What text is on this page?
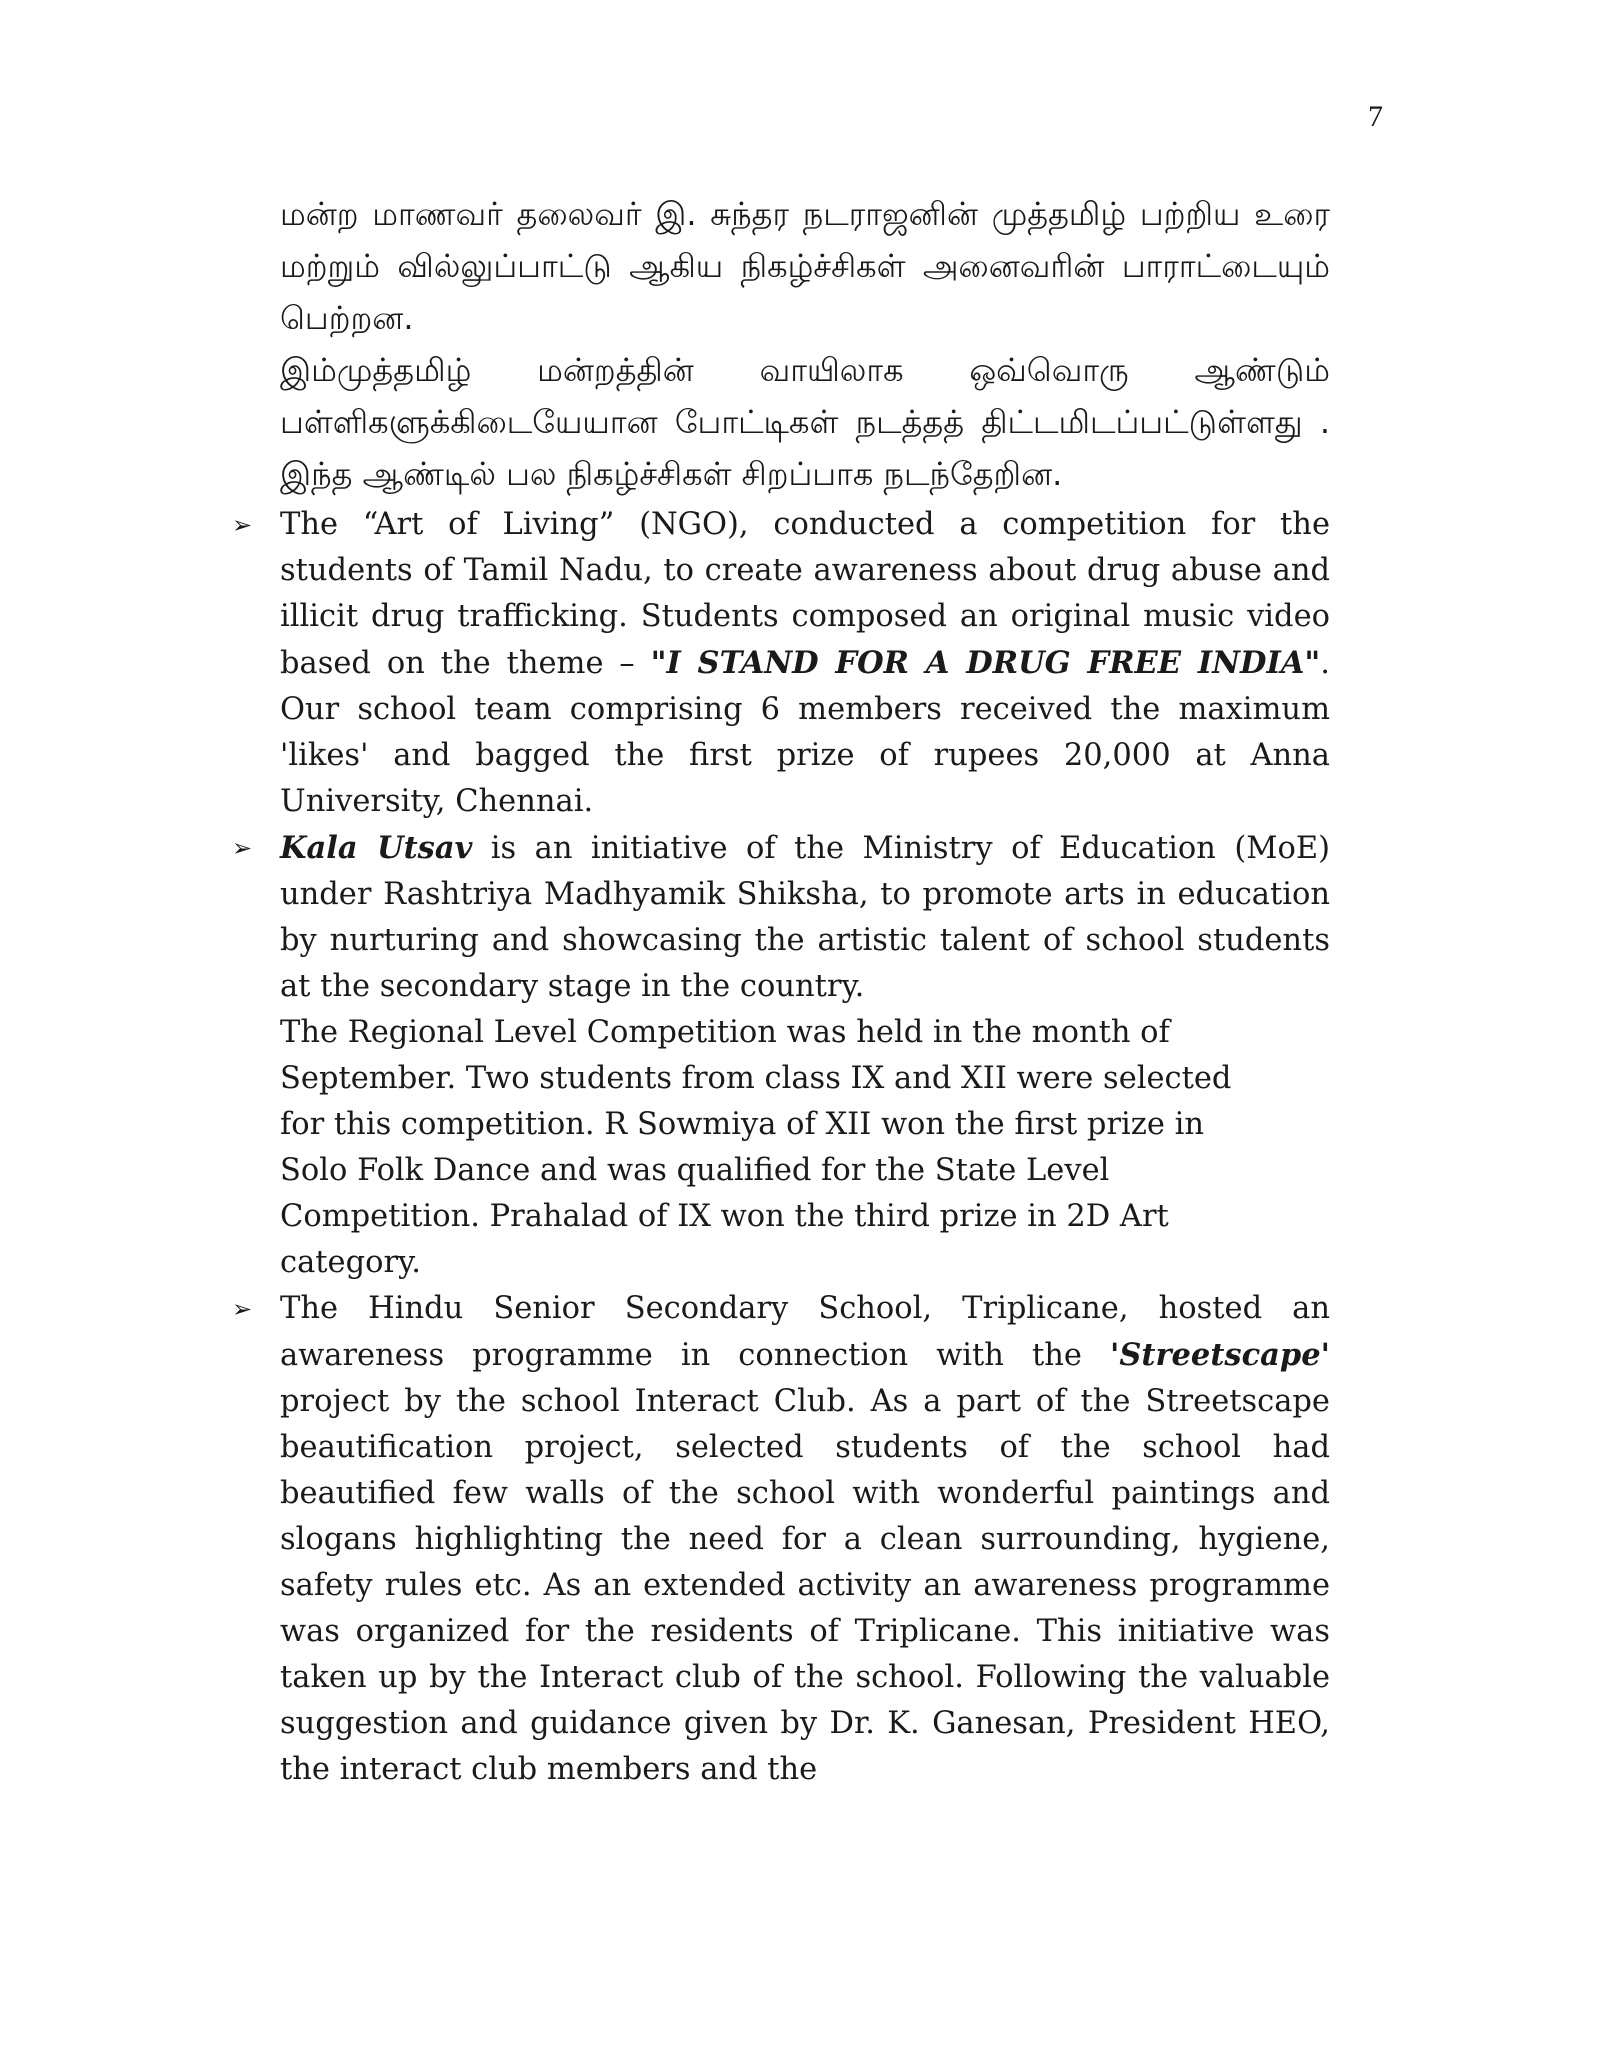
7

மன்ற மாணவர் தலைவர் இ. சுந்தர நடராஜனின் முத்தமிழ் பற்றிய உரை மற்றும் வில்லுப்பாட்டு ஆகிய நிகழ்ச்சிகள் அனைவரின் பாராட்டையும் பெற்றன.

இம்முத்தமிழ் மன்றத்தின் வாயிலாக ஒவ்வொரு ஆண்டும் பள்ளிகளுக்கிடையேயான போட்டிகள் நடத்தத் திட்டமிடப்பட்டுள்ளது .

இந்த ஆண்டில் பல நிகழ்ச்சிகள் சிறப்பாக நடந்தேறின.

➢ The “Art of Living” (NGO), conducted a competition for the students of Tamil Nadu, to create awareness about drug abuse and illicit drug trafficking. Students composed an original music video based on the theme – "I STAND FOR A DRUG FREE INDIA". Our school team comprising 6 members received the maximum 'likes' and bagged the first prize of rupees 20,000 at Anna University, Chennai.

➢ Kala Utsav is an initiative of the Ministry of Education (MoE) under Rashtriya Madhyamik Shiksha, to promote arts in education by nurturing and showcasing the artistic talent of school students at the secondary stage in the country.

The Regional Level Competition was held in the month of
September. Two students from class IX and XII were selected
for this competition. R Sowmiya of XII won the first prize in
Solo Folk Dance and was qualified for the State Level
Competition. Prahalad of IX won the third prize in 2D Art
category.

➢ The Hindu Senior Secondary School, Triplicane, hosted an awareness programme in connection with the 'Streetscape' project by the school Interact Club. As a part of the Streetscape beautification project, selected students of the school had beautified few walls of the school with wonderful paintings and slogans highlighting the need for a clean surrounding, hygiene, safety rules etc. As an extended activity an awareness programme was organized for the residents of Triplicane. This initiative was taken up by the Interact club of the school. Following the valuable suggestion and guidance given by Dr. K. Ganesan, President HEO, the interact club members and the
